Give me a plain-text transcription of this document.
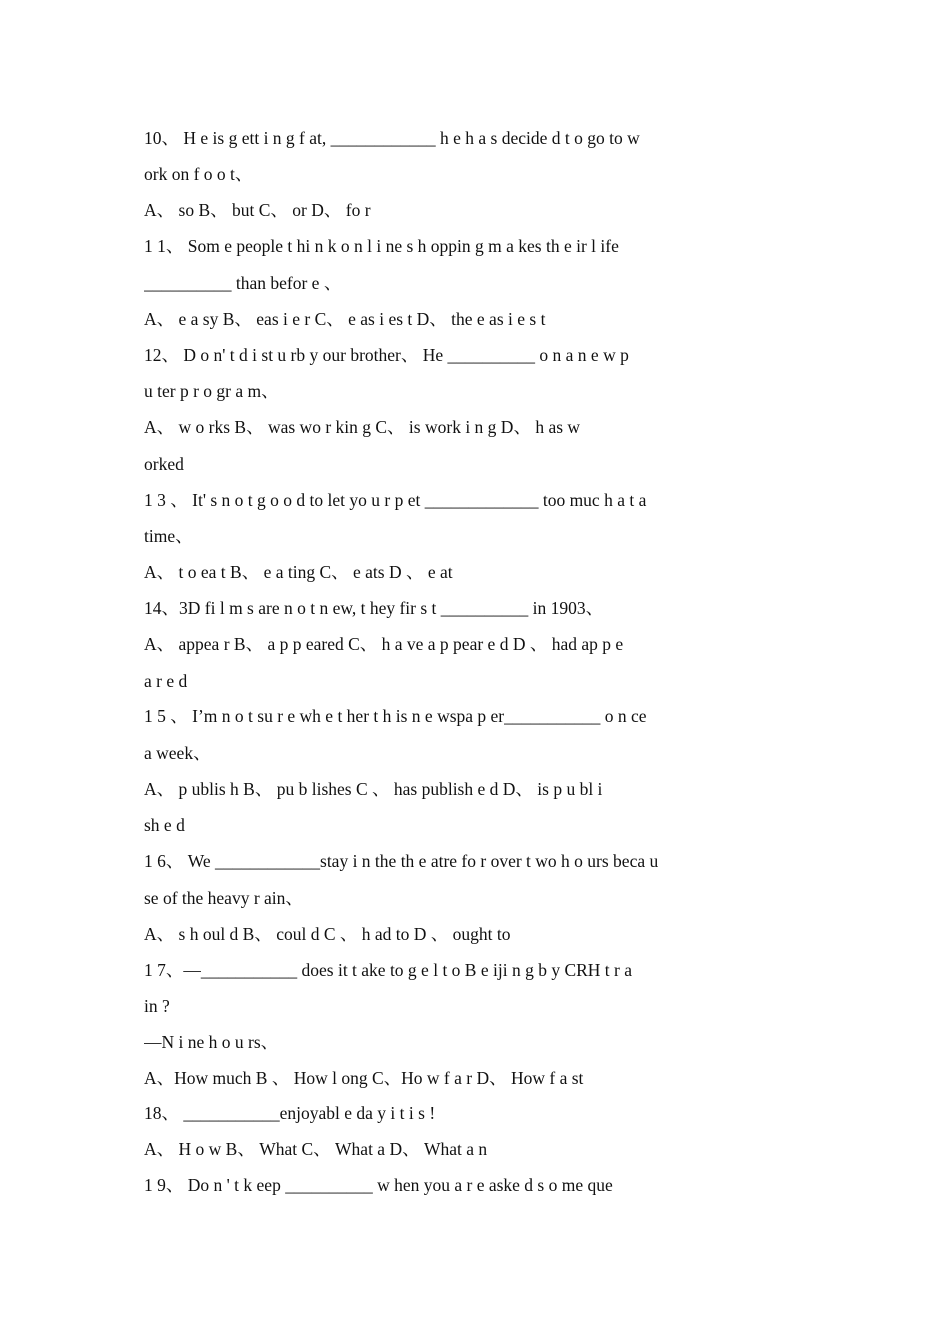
10、 H e is g ett i n g f at, ____________ h e h a s decide d t o go to w
ork on f o o t、
A、 so B、 but C、 or D、 fo r
1 1、 Som e people t hi n k o n l i ne s h oppin g m a kes th e ir l ife
__________ than befor e 、
A、 e a sy B、 eas i e r C、 e as i es t D、 the e as i e s t
12、 D o n' t d i st u rb y our brother、 He __________ o n a n e w p
u ter p r o gr a m、
A、 w o rks B、 was wo r kin g C、 is work i n g D、 h as w
orked
1 3 、 It' s n o t g o o d to let yo u r p et _____________ too muc h a t a
time、
A、 t o ea t B、 e a ting C、 e ats D 、 e at
14、3D fi l m s are n o t n ew, t hey fir s t __________ in 1903、
A、 appea r B、 a p p eared C、 h a ve a p pear e d D 、 had ap p e
a r e d
1 5 、 I’m n o t su r e wh e t her t h is n e wspa p er___________ o n ce
a week、
A、 p ublis h B、 pu b lishes C 、 has publish e d D、 is p u bl i
sh e d
1 6、 We ____________stay i n the th e atre fo r over t wo h o urs beca u
se of the heavy r ain、
A、 s h oul d B、 coul d C 、 h ad to D 、 ought to
1 7、—___________ does it t ake to g e l t o B e iji n g b y CRH t r a
in ?
—N i ne h o u rs、
A、How much B 、 How l ong C、Ho w f a r D、 How f a st
18、 ___________enjoyabl e da y i t i s !
A、 H o w B、 What C、 What a D、 What a n
1 9、 Do n ' t k eep __________ w hen you a r e aske d s o me que
